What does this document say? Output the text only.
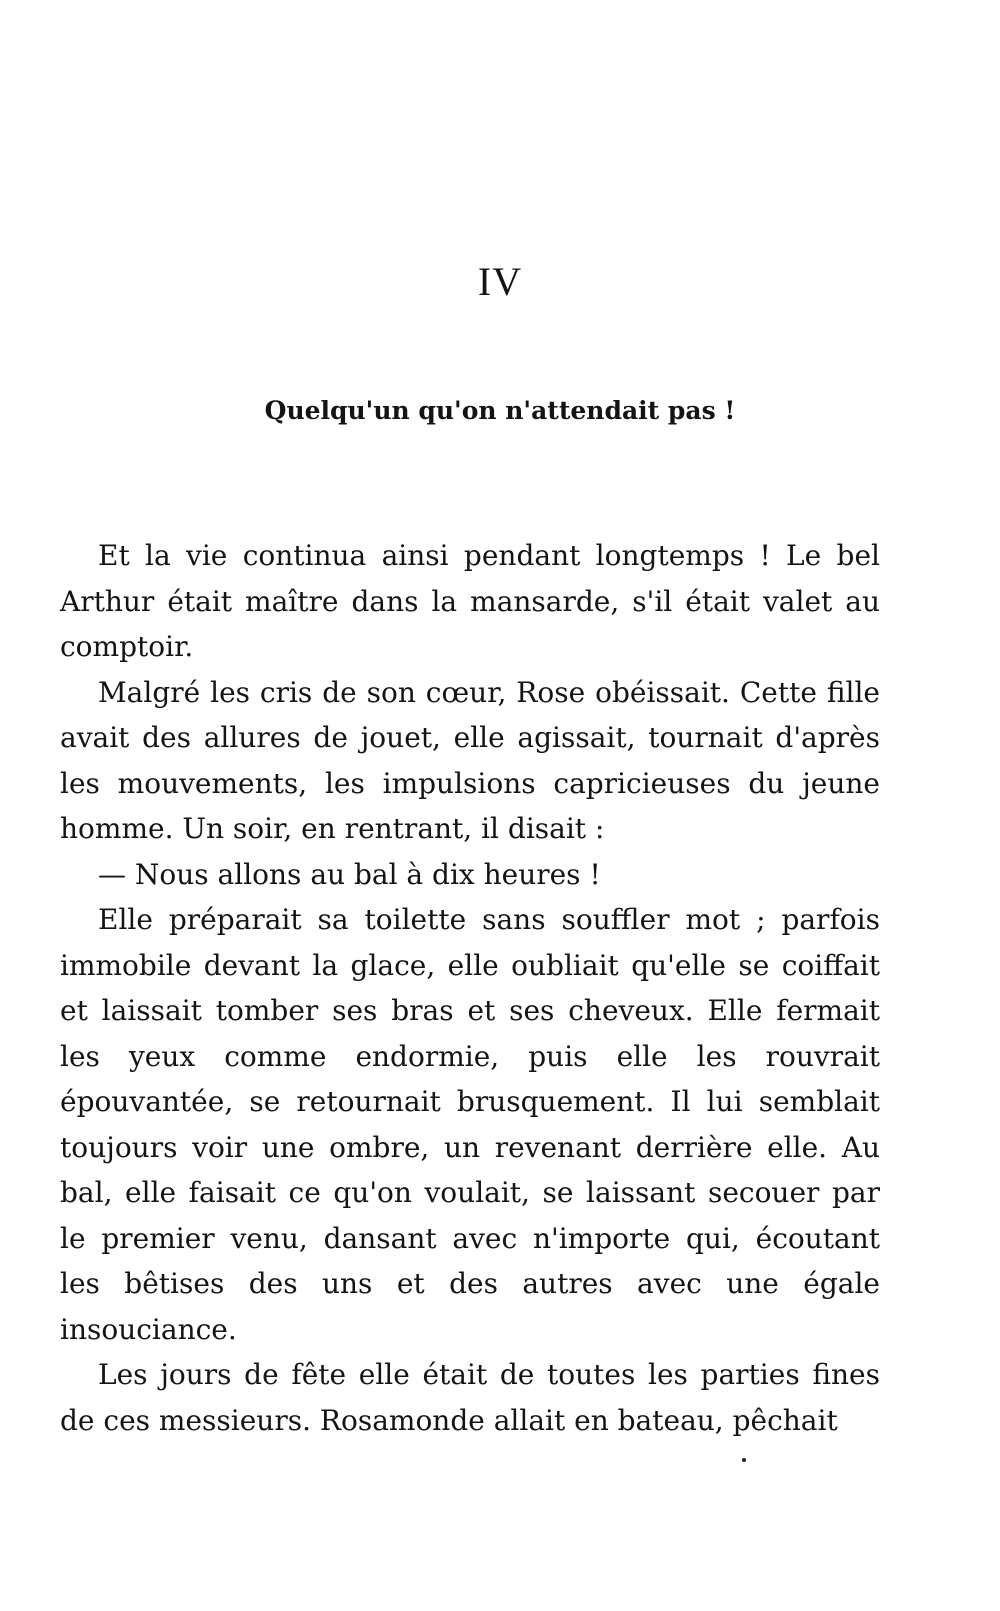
IV
Quelqu'un qu'on n'attendait pas !

Et la vie continua ainsi pendant longtemps ! Le bel Arthur était maître dans la mansarde, s'il était valet au comptoir.

Malgré les cris de son cœur, Rose obéissait. Cette fille avait des allures de jouet, elle agissait, tournait d'après les mouvements, les impulsions capricieuses du jeune homme. Un soir, en rentrant, il disait :

— Nous allons au bal à dix heures !

Elle préparait sa toilette sans souffler mot ; parfois immobile devant la glace, elle oubliait qu'elle se coiffait et laissait tomber ses bras et ses cheveux. Elle fermait les yeux comme endormie, puis elle les rouvrait épouvantée, se retournait brusquement. Il lui semblait toujours voir une ombre, un revenant derrière elle. Au bal, elle faisait ce qu'on voulait, se laissant secouer par le premier venu, dansant avec n'importe qui, écoutant les bêtises des uns et des autres avec une égale insouciance.

Les jours de fête elle était de toutes les parties fines de ces messieurs. Rosamonde allait en bateau, pêchait
